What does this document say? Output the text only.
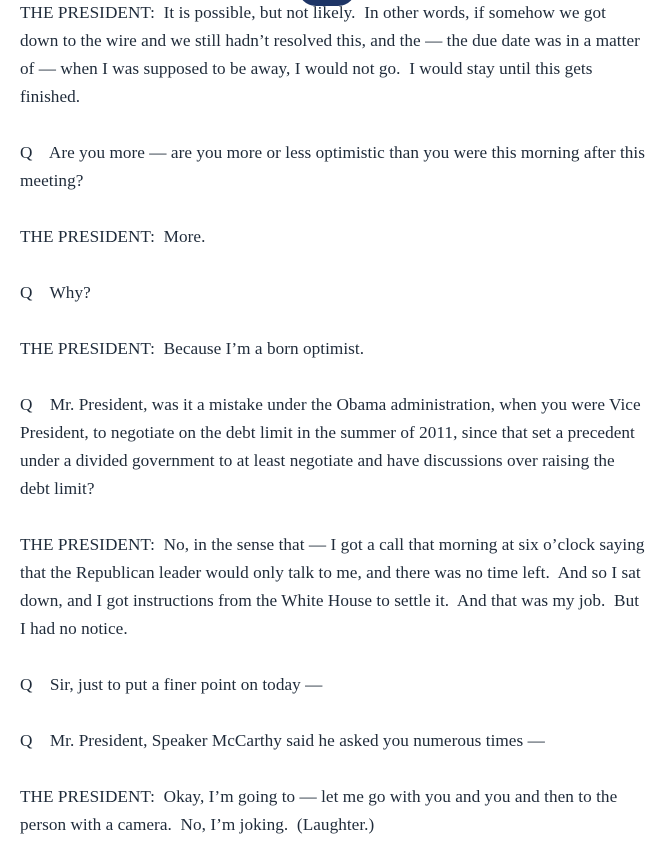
THE PRESIDENT:  It is possible, but not likely.  In other words, if somehow we got down to the wire and we still hadn’t resolved this, and the — the due date was in a matter of — when I was supposed to be away, I would not go.  I would stay until this gets finished.

Q    Are you more — are you more or less optimistic than you were this morning after this meeting?

THE PRESIDENT:  More.

Q    Why?

THE PRESIDENT:  Because I’m a born optimist.

Q    Mr. President, was it a mistake under the Obama administration, when you were Vice President, to negotiate on the debt limit in the summer of 2011, since that set a precedent under a divided government to at least negotiate and have discussions over raising the debt limit?

THE PRESIDENT:  No, in the sense that — I got a call that morning at six o’clock saying that the Republican leader would only talk to me, and there was no time left.  And so I sat down, and I got instructions from the White House to settle it.  And that was my job.  But I had no notice.

Q    Sir, just to put a finer point on today —

Q    Mr. President, Speaker McCarthy said he asked you numerous times —

THE PRESIDENT:  Okay, I’m going to — let me go with you and you and then to the person with a camera.  No, I’m joking.  (Laughter.)
